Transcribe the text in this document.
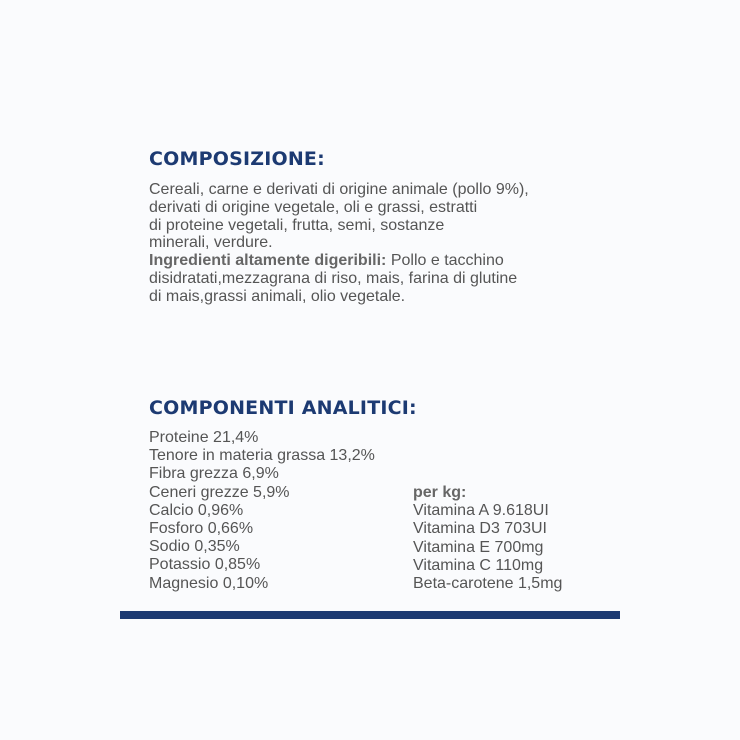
COMPOSIZIONE:
Cereali, carne e derivati di origine animale (pollo 9%),
derivati di origine vegetale, oli e grassi, estratti
di proteine vegetali, frutta, semi, sostanze
minerali, verdure.
Ingredienti altamente digeribili: Pollo e tacchino
disidratati,mezzagrana di riso, mais, farina di glutine
di mais,grassi animali, olio vegetale.
COMPONENTI ANALITICI:
Proteine 21,4%
Tenore in materia grassa 13,2%
Fibra grezza 6,9%
Ceneri grezze 5,9%
Calcio 0,96%
Fosforo 0,66%
Sodio 0,35%
Potassio 0,85%
Magnesio 0,10%
per kg:
Vitamina A 9.618UI
Vitamina D3 703UI
Vitamina E 700mg
Vitamina C 110mg
Beta-carotene 1,5mg
